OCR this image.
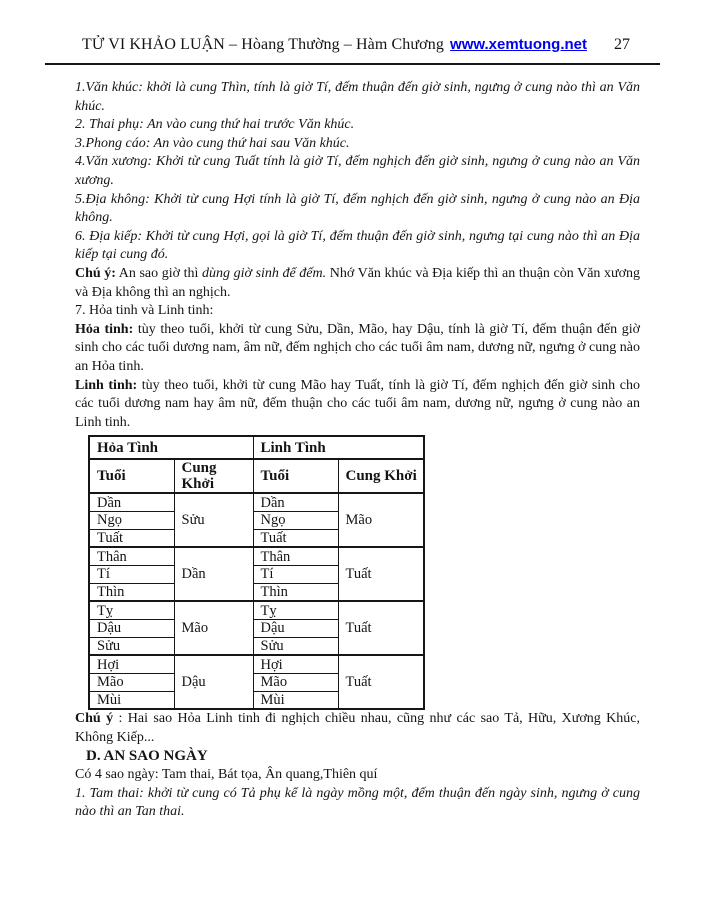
TỬ VI KHẢO LUẬN – Hòang Thường – Hàm Chương www.xemtuong.net 27

1.Văn khúc: khởi là cung Thìn, tính là giờ Tí, đếm thuận đến giờ sinh, ngưng ở cung nào thì an Văn khúc.

2. Thai phụ: An vào cung thứ hai trước Văn khúc.

3.Phong cáo: An vào cung thứ hai sau Văn khúc.

4.Văn xương: Khởi từ cung Tuất tính là giờ Tí, đếm nghịch đến giờ sinh, ngưng ở cung nào an Văn xương.

5.Địa không: Khởi từ cung Hợi tính là giờ Tí, đếm nghịch đến giờ sinh, ngưng ở cung nào an Địa không.

6. Địa kiếp: Khởi từ cung Hợi, gọi là giờ Tí, đếm thuận đến giờ sinh, ngưng tại cung nào thì an Địa kiếp tại cung đó.

Chú ý: An sao giờ thì dùng giờ sinh để đếm. Nhớ Văn khúc và Địa kiếp thì an thuận còn Văn xương và Địa không thì an nghịch.

7. Hỏa tinh và Linh tinh:

Hỏa tinh: tùy theo tuổi, khởi từ cung Sửu, Dần, Mão, hay Dậu, tính là giờ Tí, đếm thuận đến giờ sinh cho các tuổi dương nam, âm nữ, đếm nghịch cho các tuổi âm nam, dương nữ, ngưng ở cung nào an Hỏa tinh.

Linh tinh: tùy theo tuổi, khởi từ cung Mão hay Tuất, tính là giờ Tí, đếm nghịch đến giờ sinh cho các tuổi dương nam hay âm nữ, đếm thuận cho các tuổi âm nam, dương nữ, ngưng ở cung nào an Linh tinh.

Hỏa Tình		Linh Tình	
Tuổi	Cung Khởi	Tuổi	Cung Khởi
Dần	Sửu	Dần	Mão
Ngọ		Ngọ	
Tuất		Tuất	
Thân	Dần	Thân	Tuất
Tí		Tí	
Thìn		Thìn	
Tỵ	Mão	Tỵ	Tuất
Dậu		Dậu	
Sửu		Sửu	
Hợi	Dậu	Hợi	Tuất
Mão		Mão	
Mùi		Mùi	

Chú ý : Hai sao Hỏa Linh tinh đi nghịch chiều nhau, cũng như các sao Tả, Hữu, Xương Khúc, Không Kiếp...

D. AN SAO NGÀY

Có 4 sao ngày: Tam thai, Bát tọa, Ân quang,Thiên quí

1. Tam thai: khởi từ cung có Tả phụ kể là ngày mồng một, đếm thuận đến ngày sinh, ngưng ở cung nào thì an Tan thai.
